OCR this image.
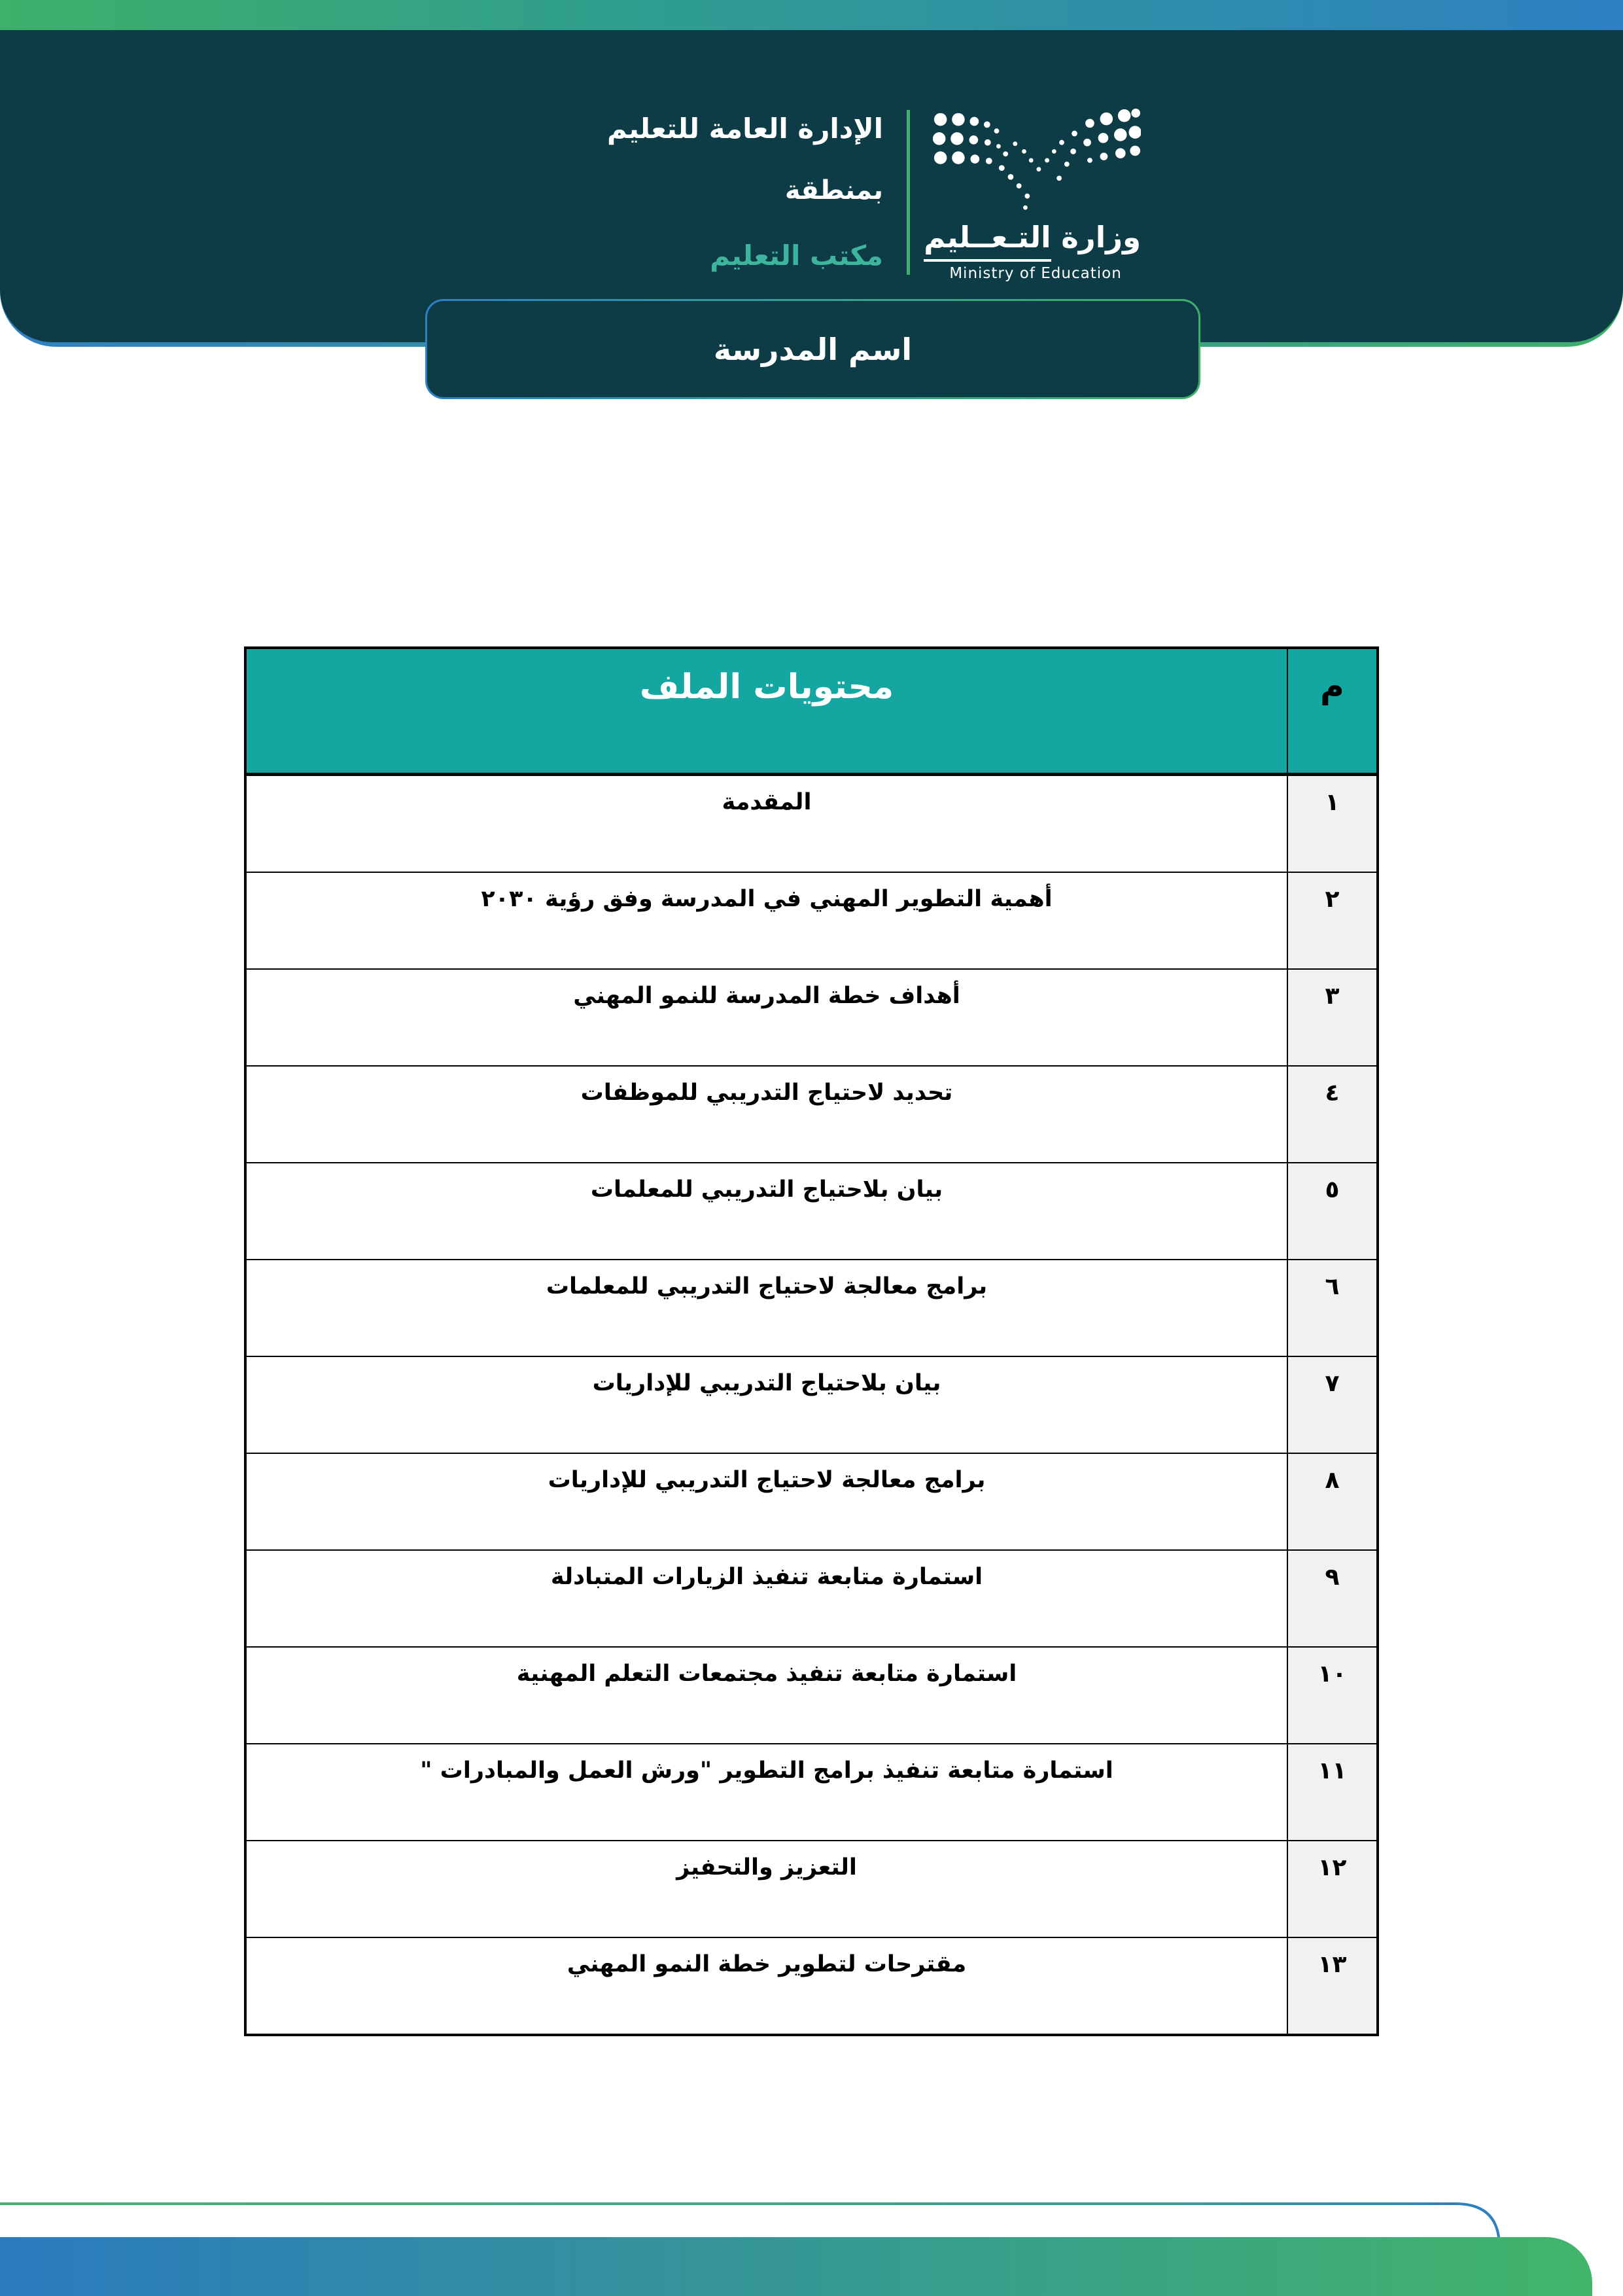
الإدارة العامة للتعليم
بمنطقة
مكتب التعليم
وزارة التـعــليم
Ministry of Education
اسم المدرسة
م	محتويات الملف
١	المقدمة
٢	أهمية التطوير المهني في المدرسة وفق رؤية ٢٠٣٠
٣	أهداف خطة المدرسة للنمو المهني
٤	تحديد لاحتياج التدريبي للموظفات
٥	بيان بلاحتياج التدريبي للمعلمات
٦	برامج معالجة لاحتياج التدريبي للمعلمات
٧	بيان بلاحتياج التدريبي للإداريات
٨	برامج معالجة لاحتياج التدريبي للإداريات
٩	استمارة متابعة تنفيذ الزيارات المتبادلة
١٠	استمارة متابعة تنفيذ مجتمعات التعلم المهنية
١١	استمارة متابعة تنفيذ برامج التطوير "ورش العمل والمبادرات "
١٢	التعزيز والتحفيز
١٣	مقترحات لتطوير خطة النمو المهني
